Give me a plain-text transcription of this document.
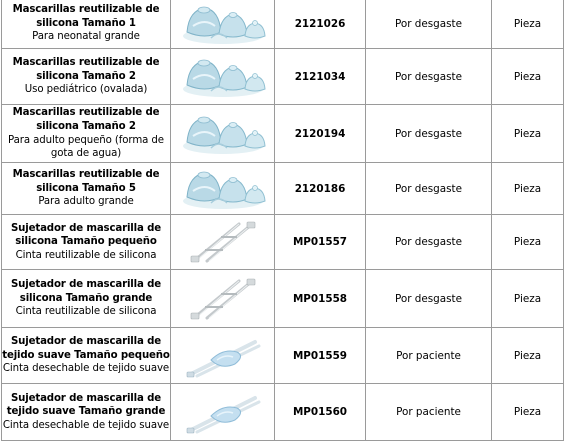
Mascarillas reutilizable de silicona Tamaño 1
Para neonatal grande		2121026	Por desgaste	Pieza

Mascarillas reutilizable de silicona Tamaño 2
Uso pediátrico (ovalada)		2121034	Por desgaste	Pieza

Mascarillas reutilizable de silicona Tamaño 2
Para adulto pequeño (forma de gota de agua)		2120194	Por desgaste	Pieza

Mascarillas reutilizable de silicona Tamaño 5
Para adulto grande		2120186	Por desgaste	Pieza

Sujetador de mascarilla de silicona Tamaño pequeño
Cinta reutilizable de silicona		MP01557	Por desgaste	Pieza

Sujetador de mascarilla de silicona Tamaño grande
Cinta reutilizable de silicona		MP01558	Por desgaste	Pieza

Sujetador de mascarilla de tejido suave Tamaño pequeño
Cinta desechable de tejido suave		MP01559	Por paciente	Pieza

Sujetador de mascarilla de tejido suave Tamaño grande
Cinta desechable de tejido suave		MP01560	Por paciente	Pieza
